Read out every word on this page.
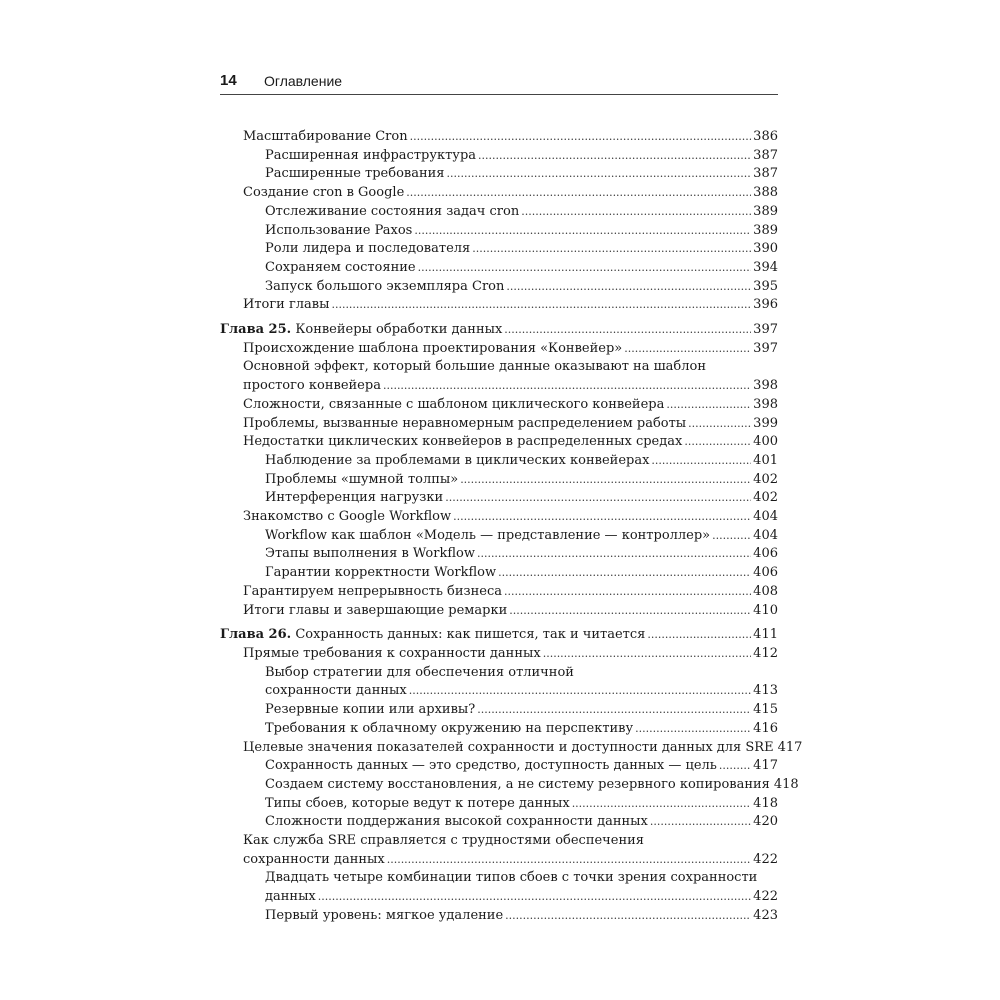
14 Оглавление
Масштабирование Cron .....	386
Расширенная инфраструктура .....	387
Расширенные требования .....	387
Создание cron в Google .....	388
Отслеживание состояния задач cron .....	389
Использование Paxos .....	389
Роли лидера и последователя .....	390
Сохраняем состояние .....	394
Запуск большого экземпляра Cron .....	395
Итоги главы .....	396
Глава 25. Конвейеры обработки данных .....	397
Происхождение шаблона проектирования «Конвейер» .....	397
Основной эффект, который большие данные оказывают на шаблон
простого конвейера .....	398
Сложности, связанные с шаблоном циклического конвейера .....	398
Проблемы, вызванные неравномерным распределением работы .....	399
Недостатки циклических конвейеров в распределенных средах .....	400
Наблюдение за проблемами в циклических конвейерах .....	401
Проблемы «шумной толпы» .....	402
Интерференция нагрузки .....	402
Знакомство с Google Workflow .....	404
Workflow как шаблон «Модель — представление — контроллер» .....	404
Этапы выполнения в Workflow .....	406
Гарантии корректности Workflow .....	406
Гарантируем непрерывность бизнеса .....	408
Итоги главы и завершающие ремарки .....	410
Глава 26. Сохранность данных: как пишется, так и читается .....	411
Прямые требования к сохранности данных .....	412
Выбор стратегии для обеспечения отличной
сохранности данных .....	413
Резервные копии или архивы? .....	415
Требования к облачному окружению на перспективу .....	416
Целевые значения показателей сохранности и доступности данных для SRE 417
Сохранность данных — это средство, доступность данных — цель .....	417
Создаем систему восстановления, а не систему резервного копирования 418
Типы сбоев, которые ведут к потере данных .....	418
Сложности поддержания высокой сохранности данных .....	420
Как служба SRE справляется с трудностями обеспечения
сохранности данных .....	422
Двадцать четыре комбинации типов сбоев с точки зрения сохранности
данных .....	422
Первый уровень: мягкое удаление .....	423
